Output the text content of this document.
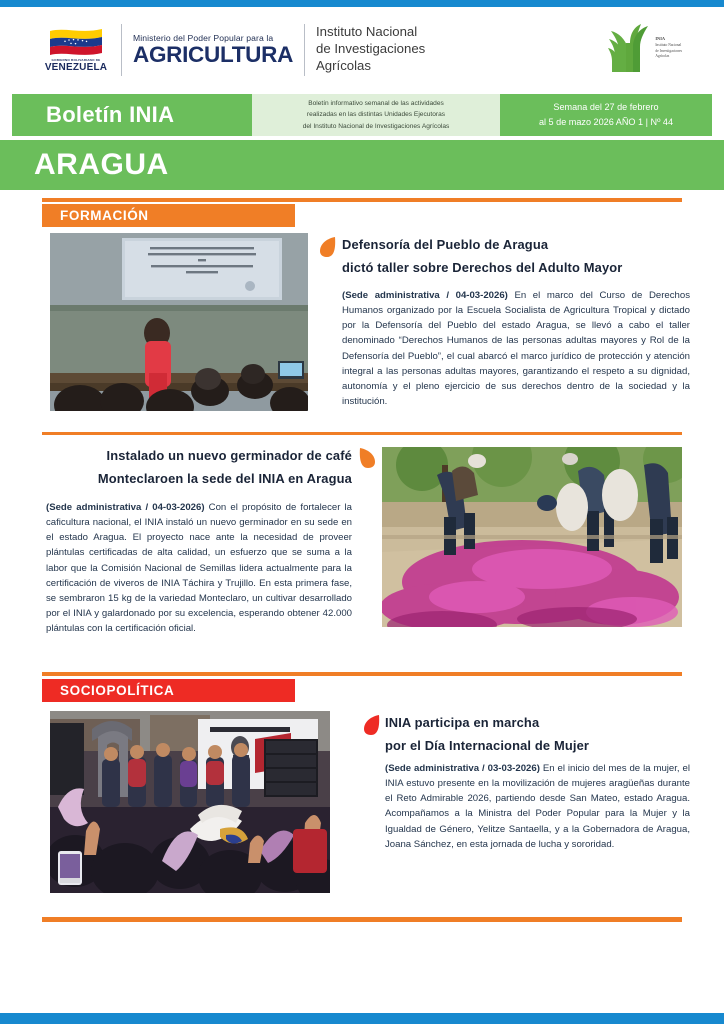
GOBIERNO BOLIVARIANO DE
VENEZUELA
Ministerio del Poder Popular para la
AGRICULTURA
Instituto Nacional
de Investigaciones
Agrícolas
INIA
Instituto Nacional
de Investigaciones
Agrícolas
Boletín INIA	Boletín informativo semanal de las actividades
realizadas en las distintas Unidades Ejecutoras
del Instituto Nacional de Investigaciones Agrícolas
Semana del 27 de febrero
al 5 de mazo 2026 AÑO 1 | Nº 44
ARAGUA
FORMACIÓN
Defensoría del Pueblo de Aragua
dictó taller sobre Derechos del Adulto Mayor
(Sede administrativa / 04-03-2026) En el marco del Curso de Derechos Humanos organizado por la Escuela Socialista de Agricultura Tropical y dictado por la Defensoría del Pueblo del estado Aragua, se llevó a cabo el taller denominado “Derechos Humanos de las personas adultas mayores y Rol de la Defensoría del Pueblo”, el cual abarcó el marco jurídico de protección y atención integral a las personas adultas mayores, garantizando el respeto a su dignidad, autonomía y el pleno ejercicio de sus derechos dentro de la sociedad y la institución.
Instalado un nuevo germinador de café
Monteclaroen la sede del INIA en Aragua
(Sede administrativa / 04-03-2026) Con el propósito de fortalecer la caficultura nacional, el INIA instaló un nuevo germinador en su sede en el estado Aragua. El proyecto nace ante la necesidad de proveer plántulas certificadas de alta calidad, un esfuerzo que se suma a la labor que la Comisión Nacional de Semillas lidera actualmente para la certificación de viveros de INIA Táchira y Trujillo. En esta primera fase, se sembraron 15 kg de la variedad Monteclaro, un cultivar desarrollado por el INIA y galardonado por su excelencia, esperando obtener 42.000 plántulas con la certificación oficial.
SOCIOPOLÍTICA
INIA participa en marcha
por el Día Internacional de Mujer
(Sede administrativa / 03-03-2026) En el inicio del mes de la mujer, el INIA estuvo presente en la movilización de mujeres aragüeñas durante el Reto Admirable 2026, partiendo desde San Mateo, estado Aragua. Acompañamos a la Ministra del Poder Popular para la Mujer y la Igualdad de Género, Yelitze Santaella, y a la Gobernadora de Aragua, Joana Sánchez, en esta jornada de lucha y sororidad.
